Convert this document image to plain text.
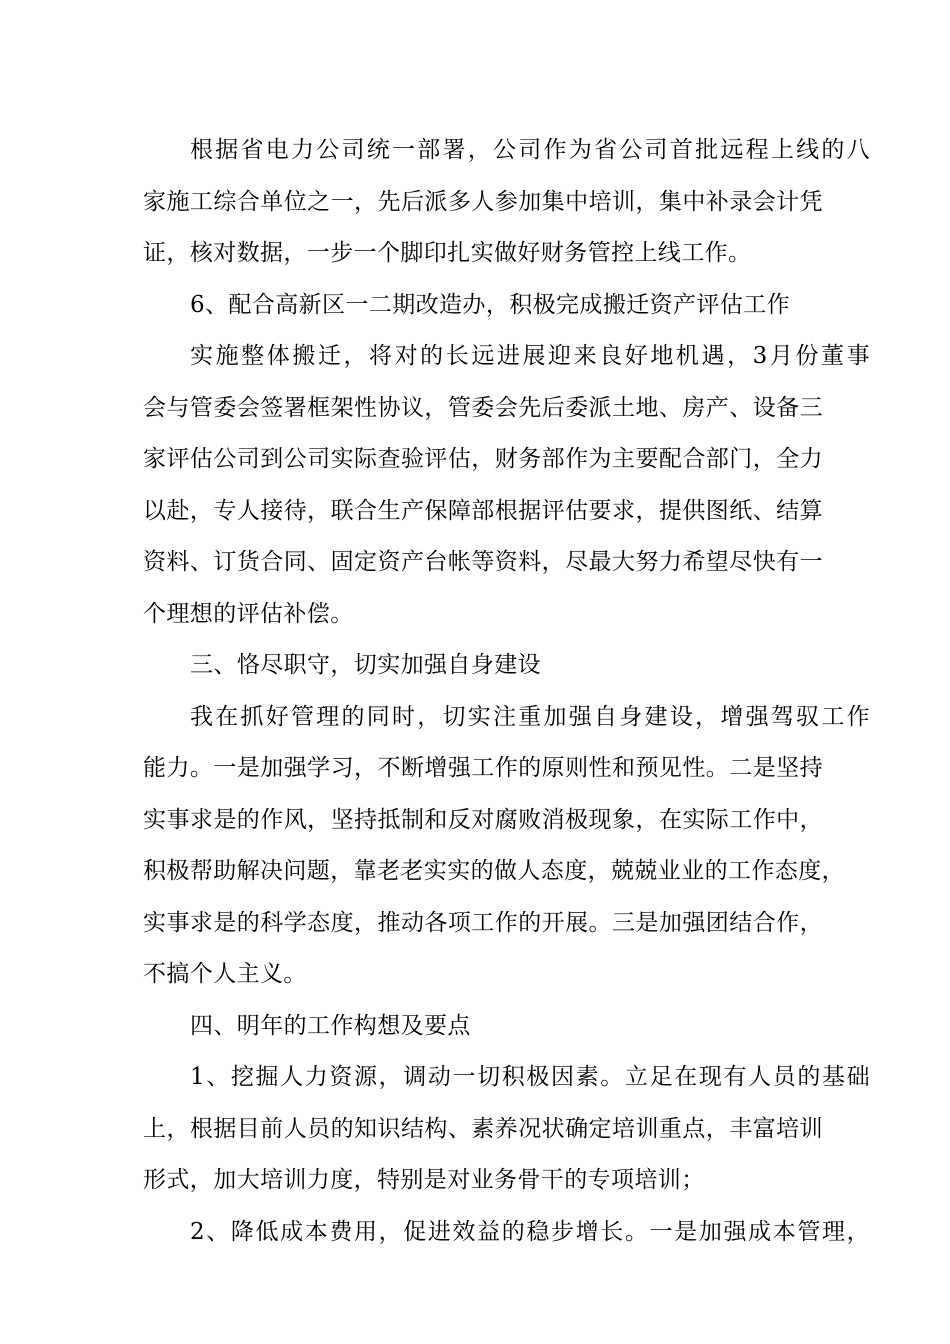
根据省电力公司统一部署，公司作为省公司首批远程上线的八
家施工综合单位之一，先后派多人参加集中培训，集中补录会计凭
证，核对数据，一步一个脚印扎实做好财务管控上线工作。
6、配合高新区一二期改造办，积极完成搬迁资产评估工作
实施整体搬迁，将对的长远进展迎来良好地机遇，3月份董事
会与管委会签署框架性协议，管委会先后委派土地、房产、设备三
家评估公司到公司实际查验评估，财务部作为主要配合部门，全力
以赴，专人接待，联合生产保障部根据评估要求，提供图纸、结算
资料、订货合同、固定资产台帐等资料，尽最大努力希望尽快有一
个理想的评估补偿。
三、恪尽职守，切实加强自身建设
我在抓好管理的同时，切实注重加强自身建设，增强驾驭工作
能力。一是加强学习，不断增强工作的原则性和预见性。二是坚持
实事求是的作风，坚持抵制和反对腐败消极现象，在实际工作中，
积极帮助解决问题，靠老老实实的做人态度，兢兢业业的工作态度，
实事求是的科学态度，推动各项工作的开展。三是加强团结合作，
不搞个人主义。
四、明年的工作构想及要点
1、挖掘人力资源，调动一切积极因素。立足在现有人员的基础
上，根据目前人员的知识结构、素养况状确定培训重点，丰富培训
形式，加大培训力度，特别是对业务骨干的专项培训；
2、降低成本费用，促进效益的稳步增长。一是加强成本管理，
